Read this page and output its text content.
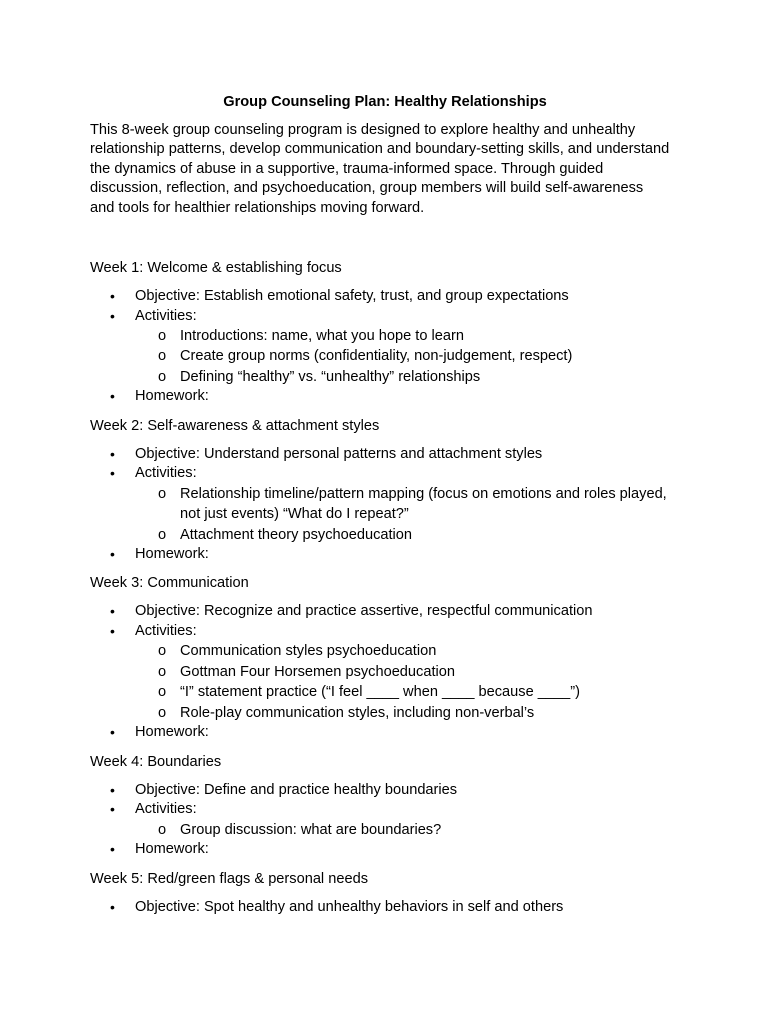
Group Counseling Plan: Healthy Relationships

This 8-week group counseling program is designed to explore healthy and unhealthy relationship patterns, develop communication and boundary-setting skills, and understand the dynamics of abuse in a supportive, trauma-informed space. Through guided discussion, reflection, and psychoeducation, group members will build self-awareness and tools for healthier relationships moving forward.

Week 1: Welcome & establishing focus

• Objective: Establish emotional safety, trust, and group expectations
• Activities:
o Introductions: name, what you hope to learn
o Create group norms (confidentiality, non-judgement, respect)
o Defining “healthy” vs. “unhealthy” relationships
• Homework:

Week 2: Self-awareness & attachment styles

• Objective: Understand personal patterns and attachment styles
• Activities:
o Relationship timeline/pattern mapping (focus on emotions and roles played, not just events) “What do I repeat?”
o Attachment theory psychoeducation
• Homework:

Week 3: Communication

• Objective: Recognize and practice assertive, respectful communication
• Activities:
o Communication styles psychoeducation
o Gottman Four Horsemen psychoeducation
o “I” statement practice (“I feel ____ when ____ because ____”)
o Role-play communication styles, including non-verbal’s
• Homework:

Week 4: Boundaries

• Objective: Define and practice healthy boundaries
• Activities:
o Group discussion: what are boundaries?
• Homework:

Week 5: Red/green flags & personal needs

• Objective: Spot healthy and unhealthy behaviors in self and others
